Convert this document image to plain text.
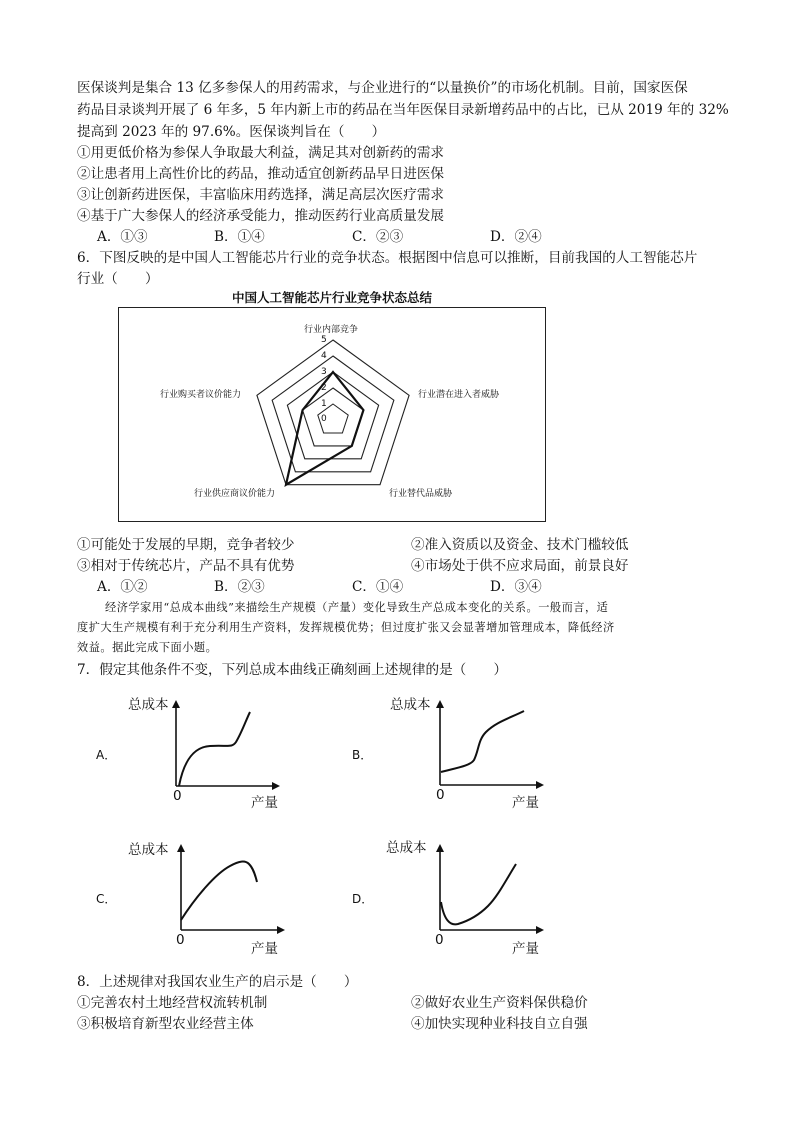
医保谈判是集合 13 亿多参保人的用药需求，与企业进行的“以量换价”的市场化机制。目前，国家医保
药品目录谈判开展了 6 年多，5 年内新上市的药品在当年医保目录新增药品中的占比，已从 2019 年的 32%
提高到 2023 年的 97.6%。医保谈判旨在（　　）
①用更低价格为参保人争取最大利益，满足其对创新药的需求
②让患者用上高性价比的药品，推动适宜创新药品早日进医保
③让创新药进医保，丰富临床用药选择，满足高层次医疗需求
④基于广大参保人的经济承受能力，推动医药行业高质量发展
A．①③	B．①④	C．②③	D．②④
6．下图反映的是中国人工智能芯片行业的竞争状态。根据图中信息可以推断，目前我国的人工智能芯片
行业（　　）
中国人工智能芯片行业竞争状态总结
行业内部竞争
行业潜在进入者威胁
行业替代品威胁
行业供应商议价能力
行业购买者议价能力
0
1
2
3
4
5
①可能处于发展的早期，竞争者较少	②准入资质以及资金、技术门槛较低
③相对于传统芯片，产品不具有优势	④市场处于供不应求局面，前景良好
A．①②	B．②③	C．①④	D．③④
经济学家用“总成本曲线”来描绘生产规模（产量）变化导致生产总成本变化的关系。一般而言，适
度扩大生产规模有利于充分利用生产资料，发挥规模优势；但过度扩张又会显著增加管理成本，降低经济
效益。据此完成下面小题。
7．假定其他条件不变，下列总成本曲线正确刻画上述规律的是（　　）
A．
总成本
0	产量
B．
总成本
0	产量
C．
总成本
0
产量
D．
总成本
0
产量
8．上述规律对我国农业生产的启示是（　　）
①完善农村土地经营权流转机制	②做好农业生产资料保供稳价
③积极培育新型农业经营主体	④加快实现种业科技自立自强
